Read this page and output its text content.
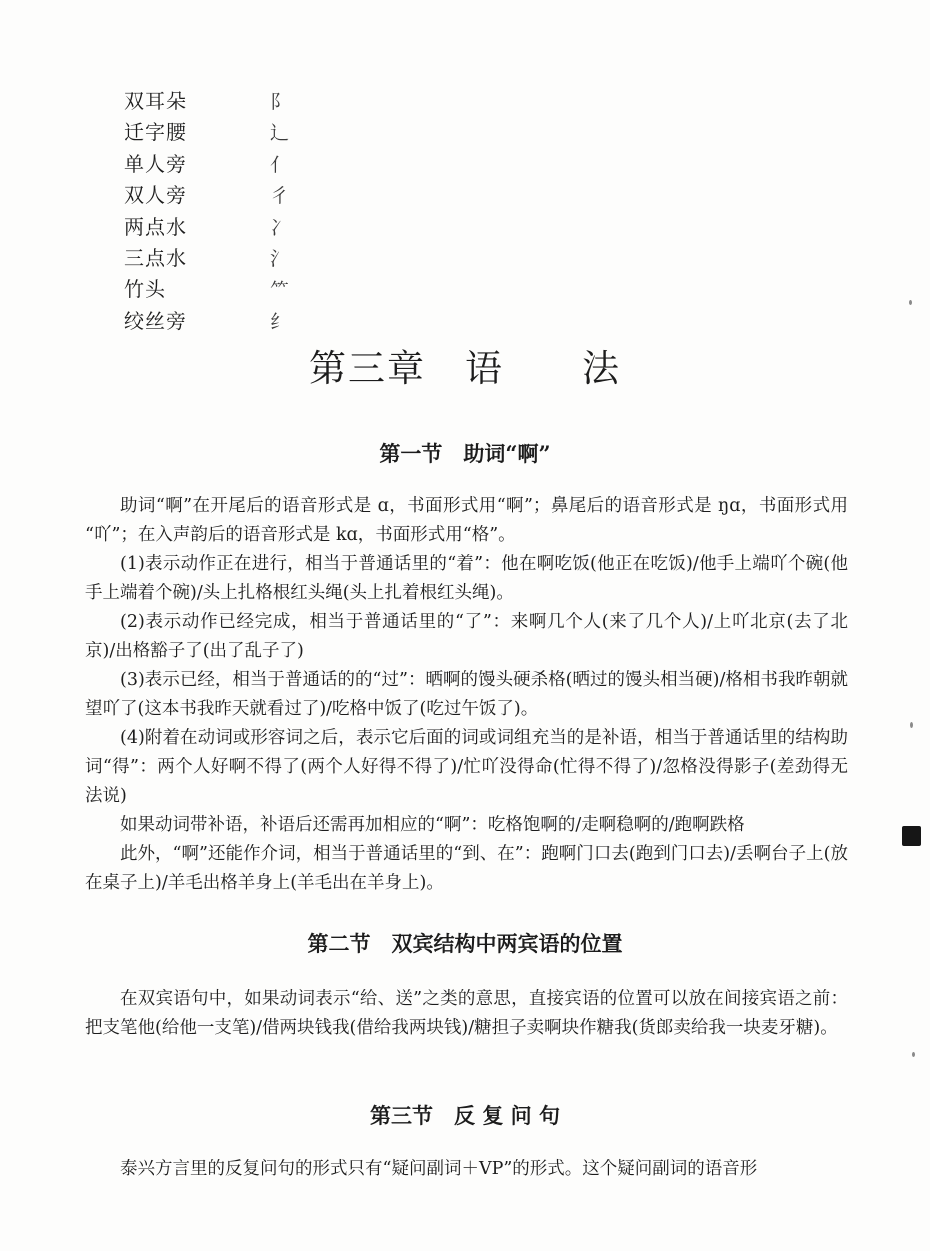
双耳朵	阝
迁字腰	辶
单人旁	亻
双人旁	彳
两点水	冫
三点水	氵
竹头	⺮
绞丝旁	纟
第三章　语　　法
第一节　助词“啊”

助词“啊”在开尾后的语音形式是 ɑ，书面形式用“啊”；鼻尾后的语音形式是 ŋɑ，书面形式用“吖”；在入声韵后的语音形式是 kɑ，书面形式用“格”。

(1)表示动作正在进行，相当于普通话里的“着”：他在啊吃饭(他正在吃饭)/他手上端吖个碗(他手上端着个碗)/头上扎格根红头绳(头上扎着根红头绳)。

(2)表示动作已经完成，相当于普通话里的“了”：来啊几个人(来了几个人)/上吖北京(去了北京)/出格豁子了(出了乱子了)

(3)表示已经，相当于普通话的的“过”：晒啊的馒头硬杀格(晒过的馒头相当硬)/格相书我昨朝就望吖了(这本书我昨天就看过了)/吃格中饭了(吃过午饭了)。

(4)附着在动词或形容词之后，表示它后面的词或词组充当的是补语，相当于普通话里的结构助词“得”：两个人好啊不得了(两个人好得不得了)/忙吖没得命(忙得不得了)/忽格没得影子(差劲得无法说)

如果动词带补语，补语后还需再加相应的“啊”：吃格饱啊的/走啊稳啊的/跑啊跌格

此外，“啊”还能作介词，相当于普通话里的“到、在”：跑啊门口去(跑到门口去)/丢啊台子上(放在桌子上)/羊毛出格羊身上(羊毛出在羊身上)。

第二节　双宾结构中两宾语的位置

在双宾语句中，如果动词表示“给、送”之类的意思，直接宾语的位置可以放在间接宾语之前：把支笔他(给他一支笔)/借两块钱我(借给我两块钱)/糖担子卖啊块作糖我(货郎卖给我一块麦牙糖)。

第三节　反 复 问 句

泰兴方言里的反复问句的形式只有“疑问副词＋VP”的形式。这个疑问副词的语音形
